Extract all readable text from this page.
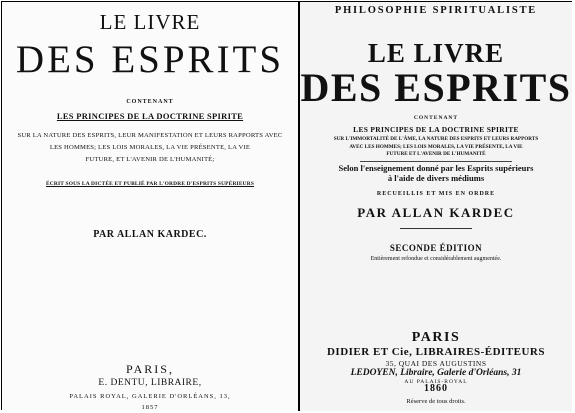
LE LIVRE
DES ESPRITS
CONTENANT
LES PRINCIPES DE LA DOCTRINE SPIRITE
SUR LA NATURE DES ESPRITS, LEUR MANIFESTATION ET LEURS RAPPORTS AVEC
LES HOMMES; LES LOIS MORALES, LA VIE PRÉSENTE, LA VIE
FUTURE, ET L'AVENIR DE L'HUMANITÉ;
ÉCRIT SOUS LA DICTÉE ET PUBLIÉ PAR L'ORDRE D'ESPRITS SUPÉRIEURS
PAR ALLAN KARDEC.
PARIS,
E. DENTU, LIBRAIRE,
PALAIS ROYAL, GALERIE D'ORLÉANS, 13,
1857
PHILOSOPHIE SPIRITUALISTE
LE LIVRE
DES ESPRITS
CONTENANT
LES PRINCIPES DE LA DOCTRINE SPIRITE
SUR L'IMMORTALITÉ DE L'ÂME, LA NATURE DES ESPRITS ET LEURS RAPPORTS
AVEC LES HOMMES; LES LOIS MORALES, LA VIE PRÉSENTE, LA VIE
FUTURE ET L'AVENIR DE L'HUMANITÉ
Selon l'enseignement donné par les Esprits supérieurs
à l'aide de divers médiums
RECUEILLIS ET MIS EN ORDRE
PAR ALLAN KARDEC
SECONDE ÉDITION
Entièrement refondue et considérablement augmentée.
PARIS
DIDIER ET Cie, LIBRAIRES-ÉDITEURS
35, QUAI DES AUGUSTINS
LEDOYEN, Libraire, Galerie d'Orléans, 31
AU PALAIS-ROYAL
1860
Réserve de tous droits.
